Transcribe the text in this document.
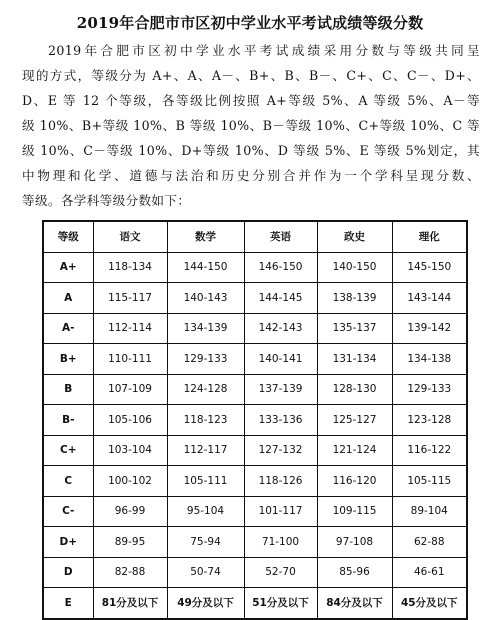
2019年合肥市市区初中学业水平考试成绩等级分数
2019年合肥市区初中学业水平考试成绩采用分数与等级共同呈
现的方式，等级分为 A+、A、A－、B+、B、B－、C+、C、C－、D+、
D、E 等 12 个等级，各等级比例按照 A+等级 5%、A 等级 5%、A－等
级 10%、B+等级 10%、B 等级 10%、B－等级 10%、C+等级 10%、C 等
级 10%、C－等级 10%、D+等级 10%、D 等级 5%、E 等级 5%划定，其
中物理和化学、道德与法治和历史分别合并作为一个学科呈现分数、
等级。各学科等级分数如下：
等级	语文	数学	英语	政史	理化
A+	118-134	144-150	146-150	140-150	145-150
A	115-117	140-143	144-145	138-139	143-144
A-	112-114	134-139	142-143	135-137	139-142
B+	110-111	129-133	140-141	131-134	134-138
B	107-109	124-128	137-139	128-130	129-133
B-	105-106	118-123	133-136	125-127	123-128
C+	103-104	112-117	127-132	121-124	116-122
C	100-102	105-111	118-126	116-120	105-115
C-	96-99	95-104	101-117	109-115	89-104
D+	89-95	75-94	71-100	97-108	62-88
D	82-88	50-74	52-70	85-96	46-61
E	81分及以下	49分及以下	51分及以下	84分及以下	45分及以下
